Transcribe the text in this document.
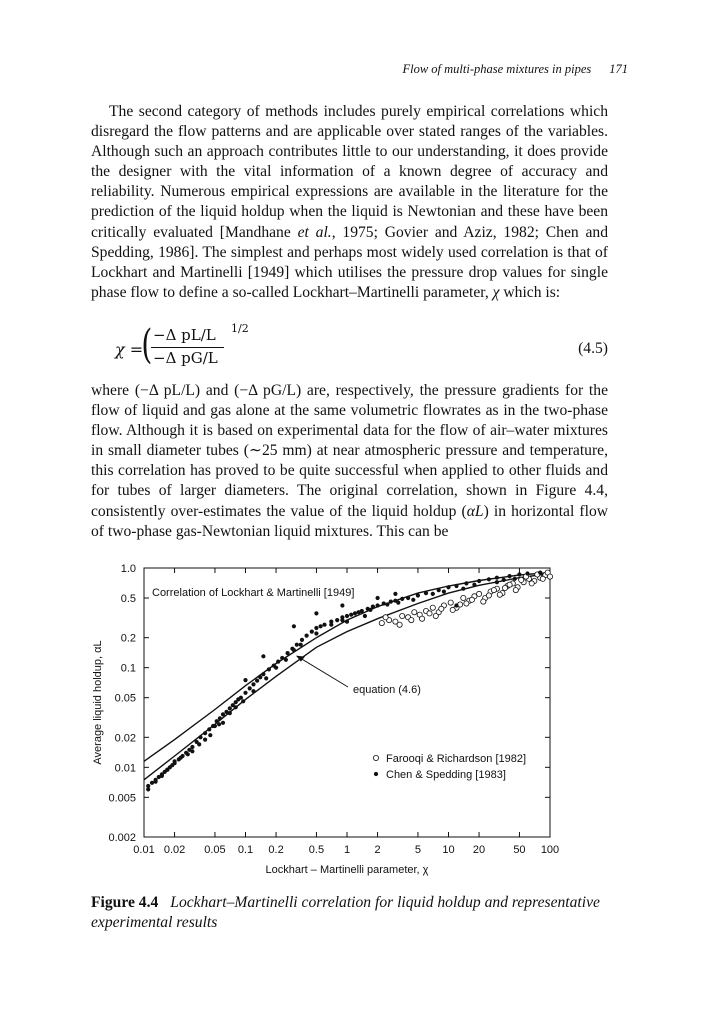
Flow of multi-phase mixtures in pipes 171

The second category of methods includes purely empirical correlations which disregard the flow patterns and are applicable over stated ranges of the variables. Although such an approach contributes little to our understanding, it does provide the designer with the vital information of a known degree of accuracy and reliability. Numerous empirical expressions are available in the literature for the prediction of the liquid holdup when the liquid is Newtonian and these have been critically evaluated [Mandhane et al., 1975; Govier and Aziz, 1982; Chen and Spedding, 1986]. The simplest and perhaps most widely used correlation is that of Lockhart and Martinelli [1949] which utilises the pressure drop values for single phase flow to define a so-called Lockhart–Martinelli parameter, χ which is:

χ =
( −Δ pL/L
−Δ pG/L
1/2
(4.5)

where (−Δ pL/L) and (−Δ pG/L) are, respectively, the pressure gradients for the flow of liquid and gas alone at the same volumetric flowrates as in the two-phase flow. Although it is based on experimental data for the flow of air–water mixtures in small diameter tubes (∼25 mm) at near atmospheric pressure and temperature, this correlation has proved to be quite successful when applied to other fluids and for tubes of larger diameters. The original correlation, shown in Figure 4.4, consistently over-estimates the value of the liquid holdup (αL) in horizontal flow of two-phase gas-Newtonian liquid mixtures. This can be

0.01 0.02 0.05 0.1 0.2 0.5 1 2	5 10 20	50 100
0.002
0.005
0.01
0.02
0.05
0.1
0.2
0.5
1.0
Lockhart – Martinelli parameter, χ
Average liquid holdup, αL
Correlation of Lockhart & Martinelli [1949]
equation (4.6)
Farooqi & Richardson [1982]
Chen & Spedding [1983]
Figure 4.4 Lockhart–Martinelli correlation for liquid holdup and representative experimental results
